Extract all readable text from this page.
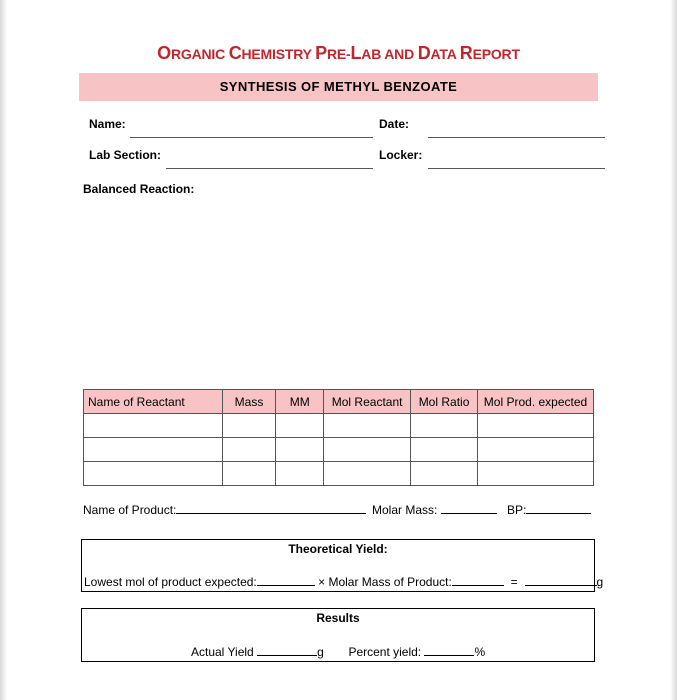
ORGANIC CHEMISTRY PRE-LAB AND DATA REPORT
SYNTHESIS OF METHYL BENZOATE
Name:	Date:
Lab Section:	Locker:
Balanced Reaction:
Name of Reactant	Mass	MM	Mol Reactant	Mol Ratio	Mol Prod. expected

Name of Product:	Molar Mass:	BP:
Theoretical Yield:
Lowest mol of product expected:	× Molar Mass of Product:	=	g
Results
Actual Yield	g Percent yield:	%
